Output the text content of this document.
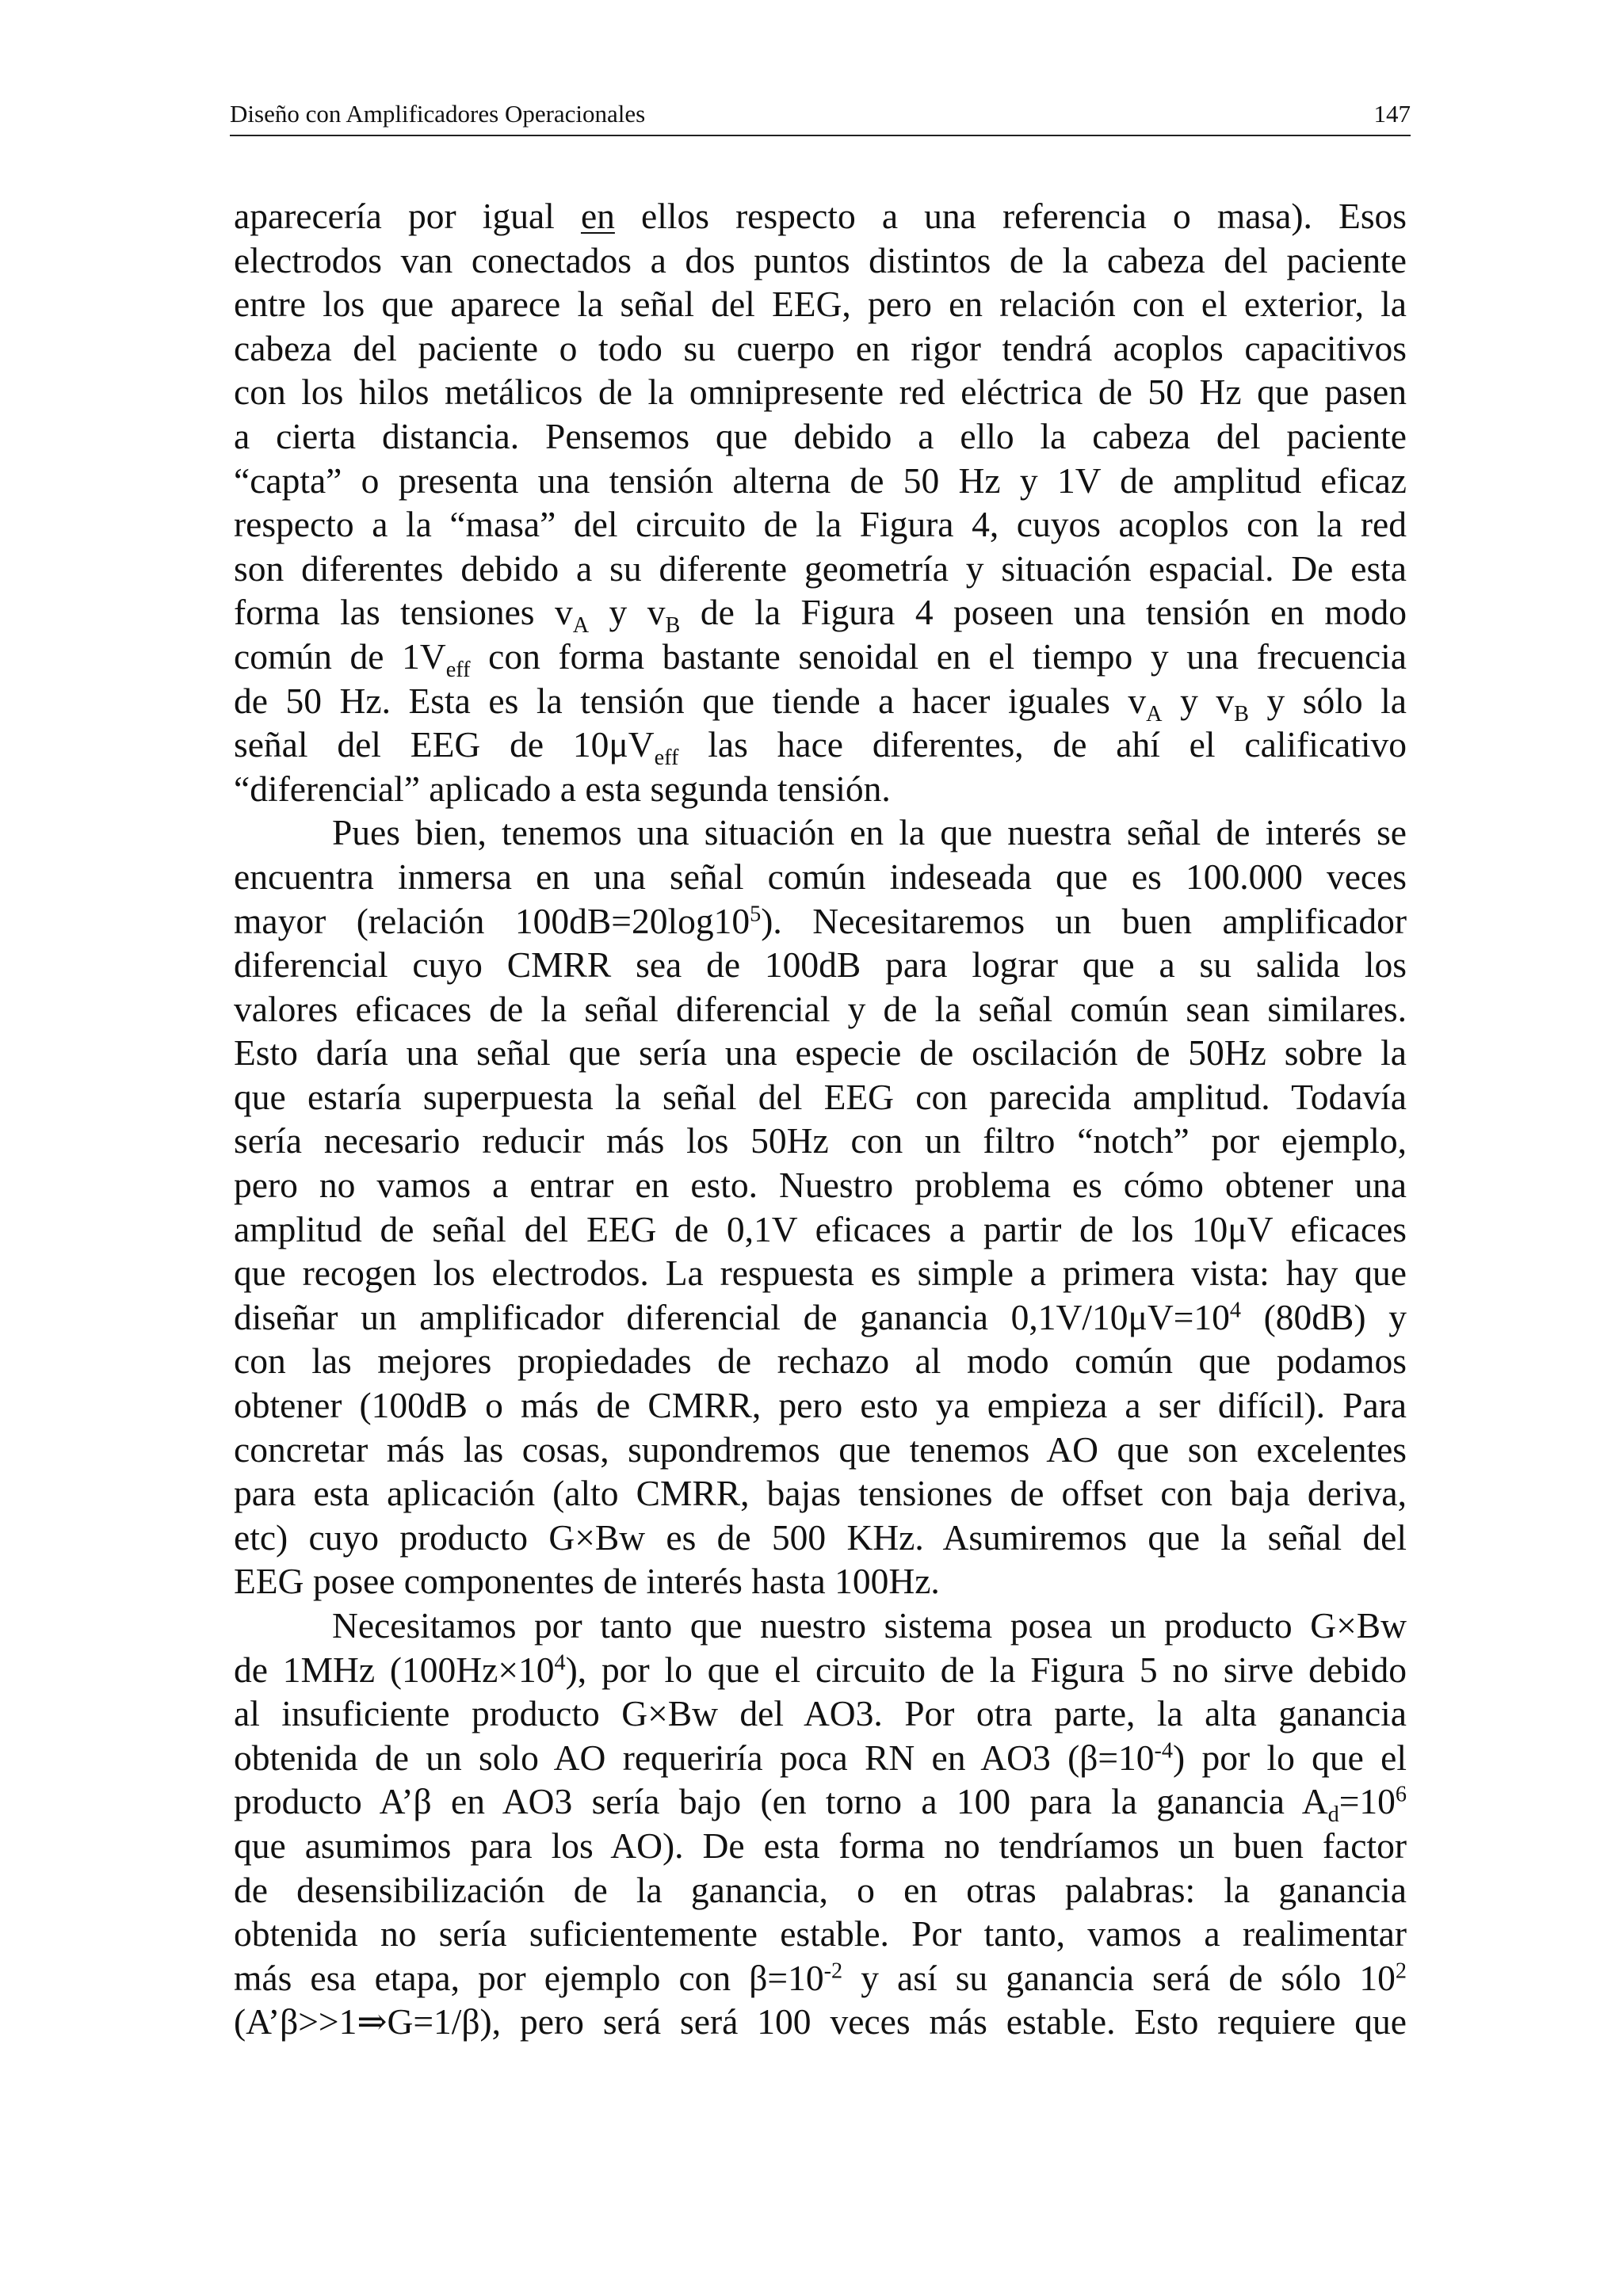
Diseño con Amplificadores Operacionales	147

aparecería por igual en ellos respecto a una referencia o masa). Esos

electrodos van conectados a dos puntos distintos de la cabeza del paciente

entre los que aparece la señal del EEG, pero en relación con el exterior, la

cabeza del paciente o todo su cuerpo en rigor tendrá acoplos capacitivos

con los hilos metálicos de la omnipresente red eléctrica de 50 Hz que pasen

a cierta distancia. Pensemos que debido a ello la cabeza del paciente

“capta” o presenta una tensión alterna de 50 Hz y 1V de amplitud eficaz

respecto a la “masa” del circuito de la Figura 4, cuyos acoplos con la red

son diferentes debido a su diferente geometría y situación espacial. De esta

forma las tensiones $v_A$ y $v_B$ de la Figura 4 poseen una tensión en modo

común de $1V_{eff}$ con forma bastante senoidal en el tiempo y una frecuencia

de 50 Hz. Esta es la tensión que tiende a hacer iguales $v_A$ y $v_B$ y sólo la

señal del EEG de $10\mu V_{eff}$ las hace diferentes, de ahí el calificativo

“diferencial” aplicado a esta segunda tensión.

Pues bien, tenemos una situación en la que nuestra señal de interés se

encuentra inmersa en una señal común indeseada que es 100.000 veces

mayor (relación $100dB=20\log 10^5$). Necesitaremos un buen amplificador

diferencial cuyo CMRR sea de 100dB para lograr que a su salida los

valores eficaces de la señal diferencial y de la señal común sean similares.

Esto daría una señal que sería una especie de oscilación de 50Hz sobre la

que estaría superpuesta la señal del EEG con parecida amplitud. Todavía

sería necesario reducir más los 50Hz con un filtro “notch” por ejemplo,

pero no vamos a entrar en esto. Nuestro problema es cómo obtener una

amplitud de señal del EEG de 0,1V eficaces a partir de los 10μV eficaces

que recogen los electrodos. La respuesta es simple a primera vista: hay que

diseñar un amplificador diferencial de ganancia $0,1V/10\mu V=10^4$ (80dB) y

con las mejores propiedades de rechazo al modo común que podamos

obtener (100dB o más de CMRR, pero esto ya empieza a ser difícil). Para

concretar más las cosas, supondremos que tenemos AO que son excelentes

para esta aplicación (alto CMRR, bajas tensiones de offset con baja deriva,

etc) cuyo producto G×Bw es de 500 KHz. Asumiremos que la señal del

EEG posee componentes de interés hasta 100Hz.

Necesitamos por tanto que nuestro sistema posea un producto G×Bw

de 1MHz $(100Hz\times 10^4)$, por lo que el circuito de la Figura 5 no sirve debido

al insuficiente producto G×Bw del AO3. Por otra parte, la alta ganancia

obtenida de un solo AO requeriría poca RN en AO3 $(\beta=10^{-4})$ por lo que el

producto A’β en AO3 sería bajo (en torno a 100 para la ganancia $A_d=10^6$

que asumimos para los AO). De esta forma no tendríamos un buen factor

de desensibilización de la ganancia, o en otras palabras: la ganancia

obtenida no sería suficientemente estable. Por tanto, vamos a realimentar

más esa etapa, por ejemplo con $\beta=10^{-2}$ y así su ganancia será de sólo $10^2$

(A’β>>1⇒G=1/β), pero será será 100 veces más estable. Esto requiere que
